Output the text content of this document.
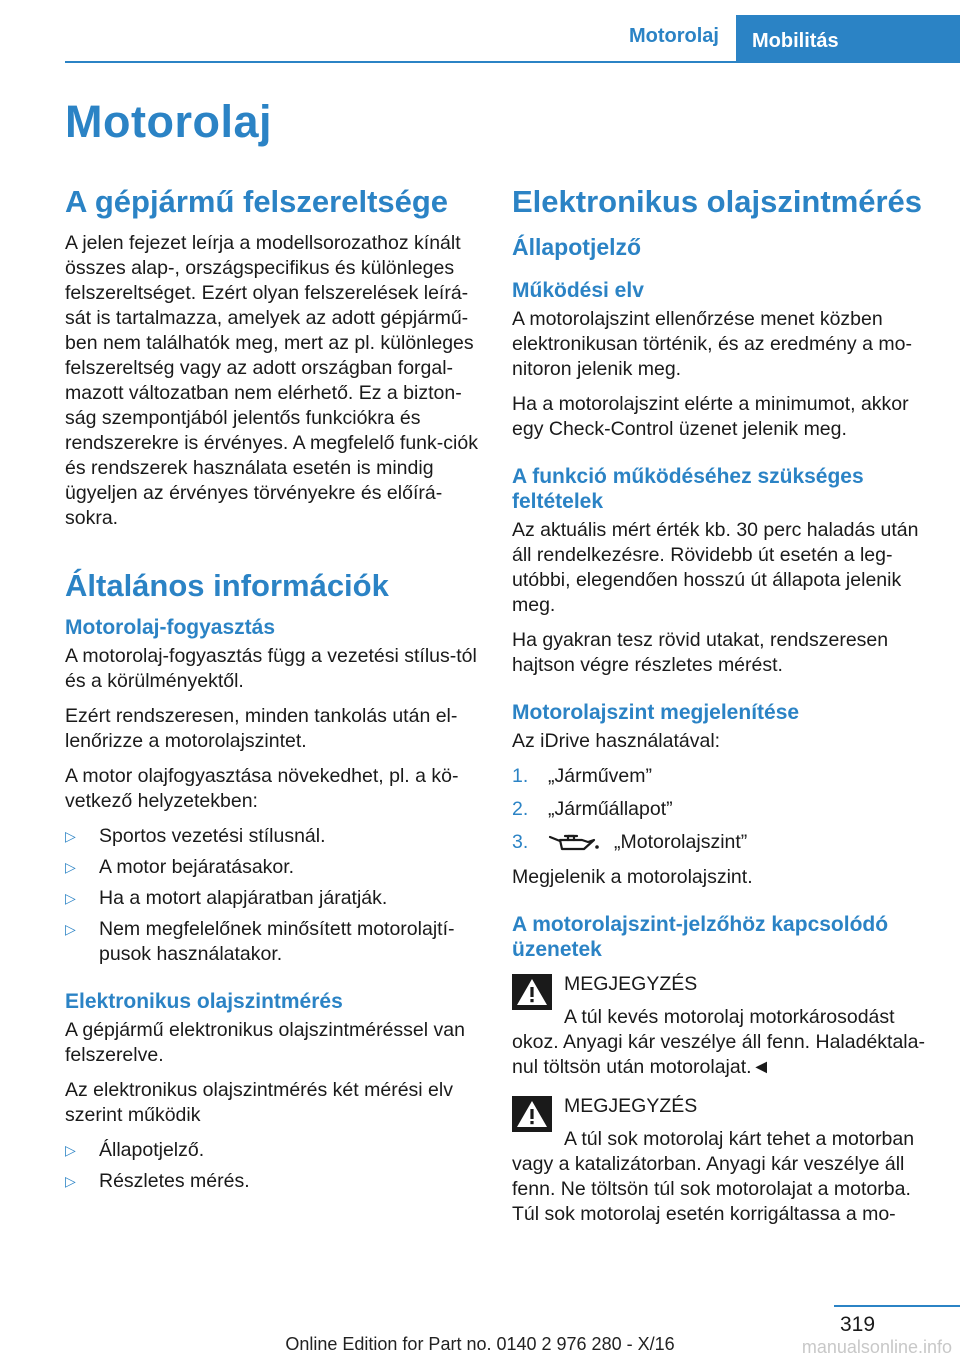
Motorolaj	Mobilitás
Motorolaj
A gépjármű felszereltsége

A jelen fejezet leírja a modellsorozathoz kínált összes alap-, országspecifikus és különleges felszereltséget. Ezért olyan felszerelések leírá-sát is tartalmazza, amelyek az adott gépjármű-ben nem találhatók meg, mert az pl. különleges felszereltség vagy az adott országban forgal-mazott változatban nem elérhető. Ez a bizton-ság szempontjából jelentős funkciókra és rendszerekre is érvényes. A megfelelő funk-ciók és rendszerek használata esetén is mindig ügyeljen az érvényes törvényekre és előírá-sokra.

Általános információk
Motorolaj-fogyasztás

A motorolaj-fogyasztás függ a vezetési stílus-tól és a körülményektől.

Ezért rendszeresen, minden tankolás után el-lenőrizze a motorolajszintet.

A motor olajfogyasztása növekedhet, pl. a kö-vetkező helyzetekben:

▷ Sportos vezetési stílusnál.
▷ A motor bejáratásakor.
▷ Ha a motort alapjáratban járatják.
▷ Nem megfelelőnek minősített motorolajtí-pusok használatakor.
Elektronikus olajszintmérés

A gépjármű elektronikus olajszintméréssel van felszerelve.

Az elektronikus olajszintmérés két mérési elv szerint működik

▷ Állapotjelző.
▷ Részletes mérés.
Elektronikus olajszintmérés
Állapotjelző
Működési elv

A motorolajszint ellenőrzése menet közben elektronikusan történik, és az eredmény a mo-nitoron jelenik meg.

Ha a motorolajszint elérte a minimumot, akkor egy Check-Control üzenet jelenik meg.

A funkció működéséhez szükséges feltételek

Az aktuális mért érték kb. 30 perc haladás után áll rendelkezésre. Rövidebb út esetén a leg-utóbbi, elegendően hosszú út állapota jelenik meg.

Ha gyakran tesz rövid utakat, rendszeresen hajtson végre részletes mérést.

Motorolajszint megjelenítése

Az iDrive használatával:

1. „Járművem”
2. „Járműállapot”
3.	„Motorolajszint”

Megjelenik a motorolajszint.

A motorolajszint-jelzőhöz kapcsolódó üzenetek
MEGJEGYZÉS

A túl kevés motorolaj motorkárosodást okoz. Anyagi kár veszélye áll fenn. Haladéktala-nul töltsön után motorolajat.◄

MEGJEGYZÉS

A túl sok motorolaj kárt tehet a motorban vagy a katalizátorban. Anyagi kár veszélye áll fenn. Ne töltsön túl sok motorolajat a motorba. Túl sok motorolaj esetén korrigáltassa a mo-

319
Online Edition for Part no. 0140 2 976 280 - X/16	manualsonline.info
